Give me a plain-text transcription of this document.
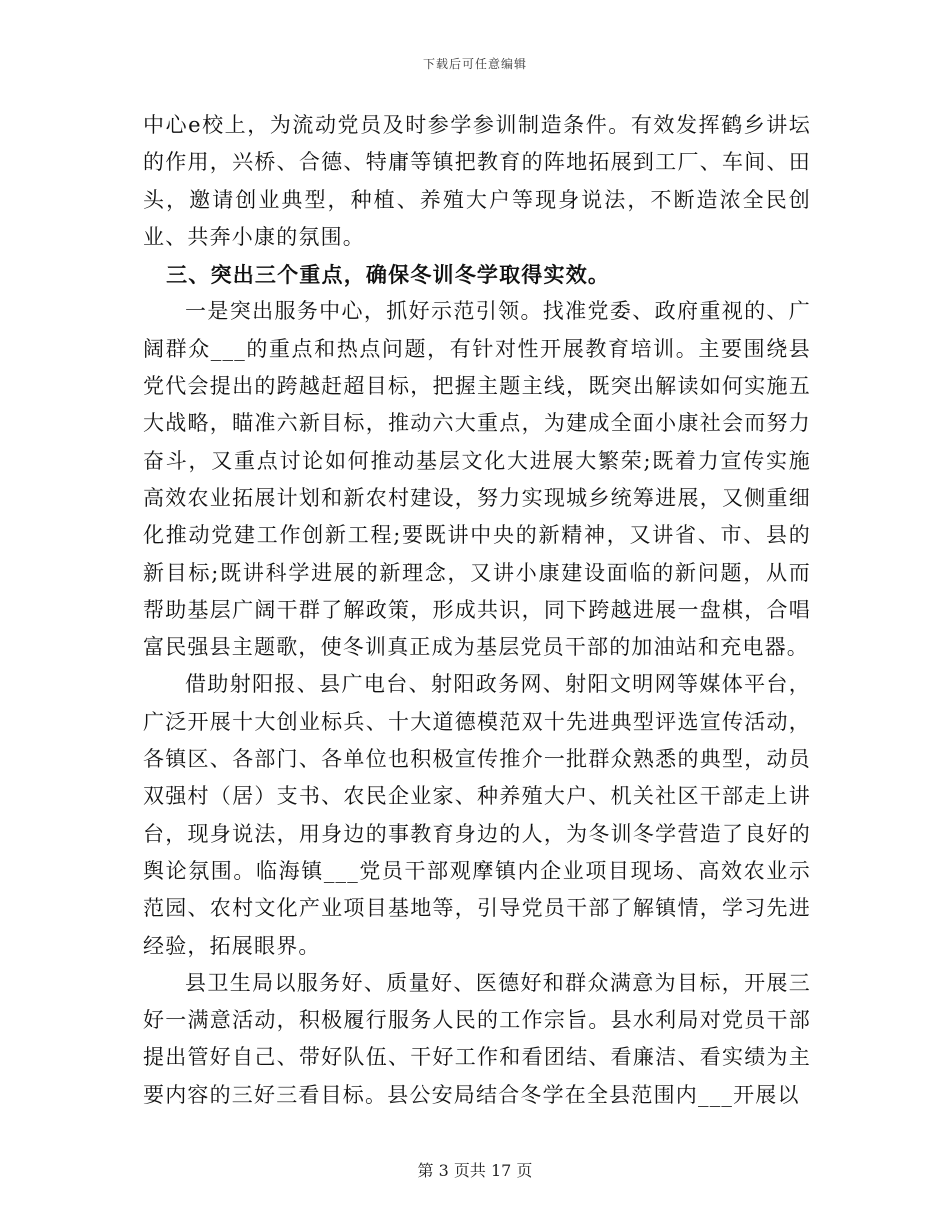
下载后可任意编辑

中心e校上，为流动党员及时参学参训制造条件。有效发挥鹤乡讲坛的作用，兴桥、合德、特庸等镇把教育的阵地拓展到工厂、车间、田头，邀请创业典型，种植、养殖大户等现身说法，不断造浓全民创业、共奔小康的氛围。

三、突出三个重点，确保冬训冬学取得实效。

一是突出服务中心，抓好示范引领。找准党委、政府重视的、广阔群众___的重点和热点问题，有针对性开展教育培训。主要围绕县党代会提出的跨越赶超目标，把握主题主线，既突出解读如何实施五大战略，瞄准六新目标，推动六大重点，为建成全面小康社会而努力奋斗，又重点讨论如何推动基层文化大进展大繁荣;既着力宣传实施高效农业拓展计划和新农村建设，努力实现城乡统筹进展，又侧重细化推动党建工作创新工程;要既讲中央的新精神，又讲省、市、县的新目标;既讲科学进展的新理念，又讲小康建设面临的新问题，从而帮助基层广阔干群了解政策，形成共识，同下跨越进展一盘棋，合唱富民强县主题歌，使冬训真正成为基层党员干部的加油站和充电器。

借助射阳报、县广电台、射阳政务网、射阳文明网等媒体平台，广泛开展十大创业标兵、十大道德模范双十先进典型评选宣传活动，各镇区、各部门、各单位也积极宣传推介一批群众熟悉的典型，动员双强村（居）支书、农民企业家、种养殖大户、机关社区干部走上讲台，现身说法，用身边的事教育身边的人，为冬训冬学营造了良好的舆论氛围。临海镇___党员干部观摩镇内企业项目现场、高效农业示范园、农村文化产业项目基地等，引导党员干部了解镇情，学习先进经验，拓展眼界。

县卫生局以服务好、质量好、医德好和群众满意为目标，开展三好一满意活动，积极履行服务人民的工作宗旨。县水利局对党员干部提出管好自己、带好队伍、干好工作和看团结、看廉洁、看实绩为主要内容的三好三看目标。县公安局结合冬学在全县范围内___开展以

第 3 页共 17 页
